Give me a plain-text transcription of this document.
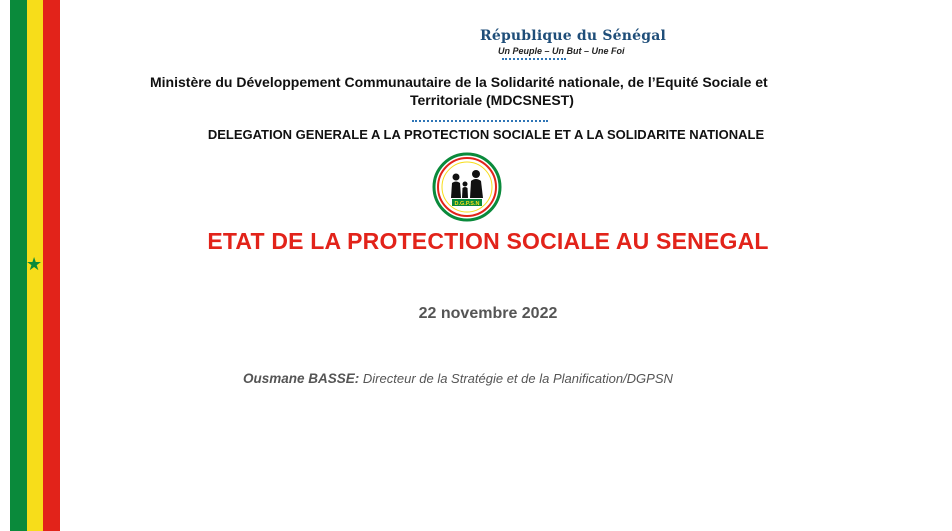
★
République du Sénégal
Un Peuple – Un But – Une Foi
Ministère du Développement Communautaire de la Solidarité nationale, de l’Equité Sociale et
Territoriale (MDCSNEST)
DELEGATION GENERALE A LA PROTECTION SOCIALE ET A LA SOLIDARITE NATIONALE
D.G.P.S.N
ETAT DE LA PROTECTION SOCIALE AU SENEGAL
22 novembre 2022
Ousmane BASSE: Directeur de la Stratégie et de la Planification/DGPSN
